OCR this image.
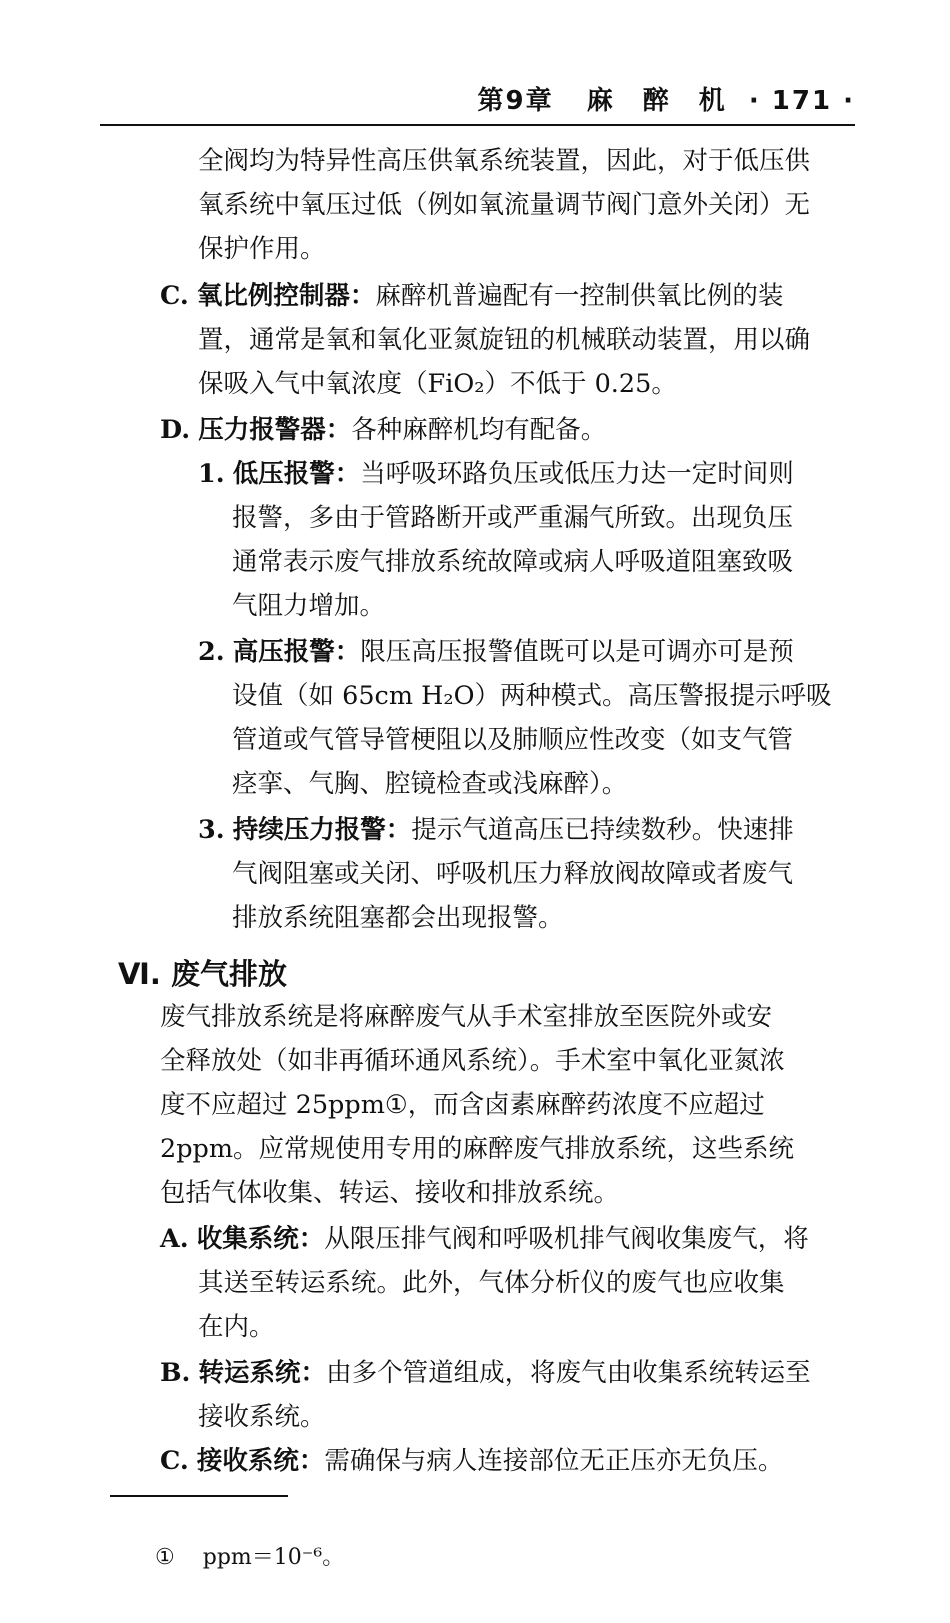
第9章 麻　醉　机 · 171 ·
全阀均为特异性高压供氧系统装置，因此，对于低压供
氧系统中氧压过低（例如氧流量调节阀门意外关闭）无
保护作用。
C. 氧比例控制器：麻醉机普遍配有一控制供氧比例的装
置，通常是氧和氧化亚氮旋钮的机械联动装置，用以确
保吸入气中氧浓度（FiO₂）不低于 0.25。
D. 压力报警器：各种麻醉机均有配备。
1. 低压报警：当呼吸环路负压或低压力达一定时间则
报警，多由于管路断开或严重漏气所致。出现负压
通常表示废气排放系统故障或病人呼吸道阻塞致吸
气阻力增加。
2. 高压报警：限压高压报警值既可以是可调亦可是预
设值（如 65cm H₂O）两种模式。高压警报提示呼吸
管道或气管导管梗阻以及肺顺应性改变（如支气管
痉挛、气胸、腔镜检查或浅麻醉）。
3. 持续压力报警：提示气道高压已持续数秒。快速排
气阀阻塞或关闭、呼吸机压力释放阀故障或者废气
排放系统阻塞都会出现报警。
Ⅵ. 废气排放
废气排放系统是将麻醉废气从手术室排放至医院外或安
全释放处（如非再循环通风系统）。手术室中氧化亚氮浓
度不应超过 25ppm①，而含卤素麻醉药浓度不应超过
2ppm。应常规使用专用的麻醉废气排放系统，这些系统
包括气体收集、转运、接收和排放系统。
A. 收集系统：从限压排气阀和呼吸机排气阀收集废气，将
其送至转运系统。此外，气体分析仪的废气也应收集
在内。
B. 转运系统：由多个管道组成，将废气由收集系统转运至
接收系统。
C. 接收系统：需确保与病人连接部位无正压亦无负压。
① ppm＝10⁻⁶。
